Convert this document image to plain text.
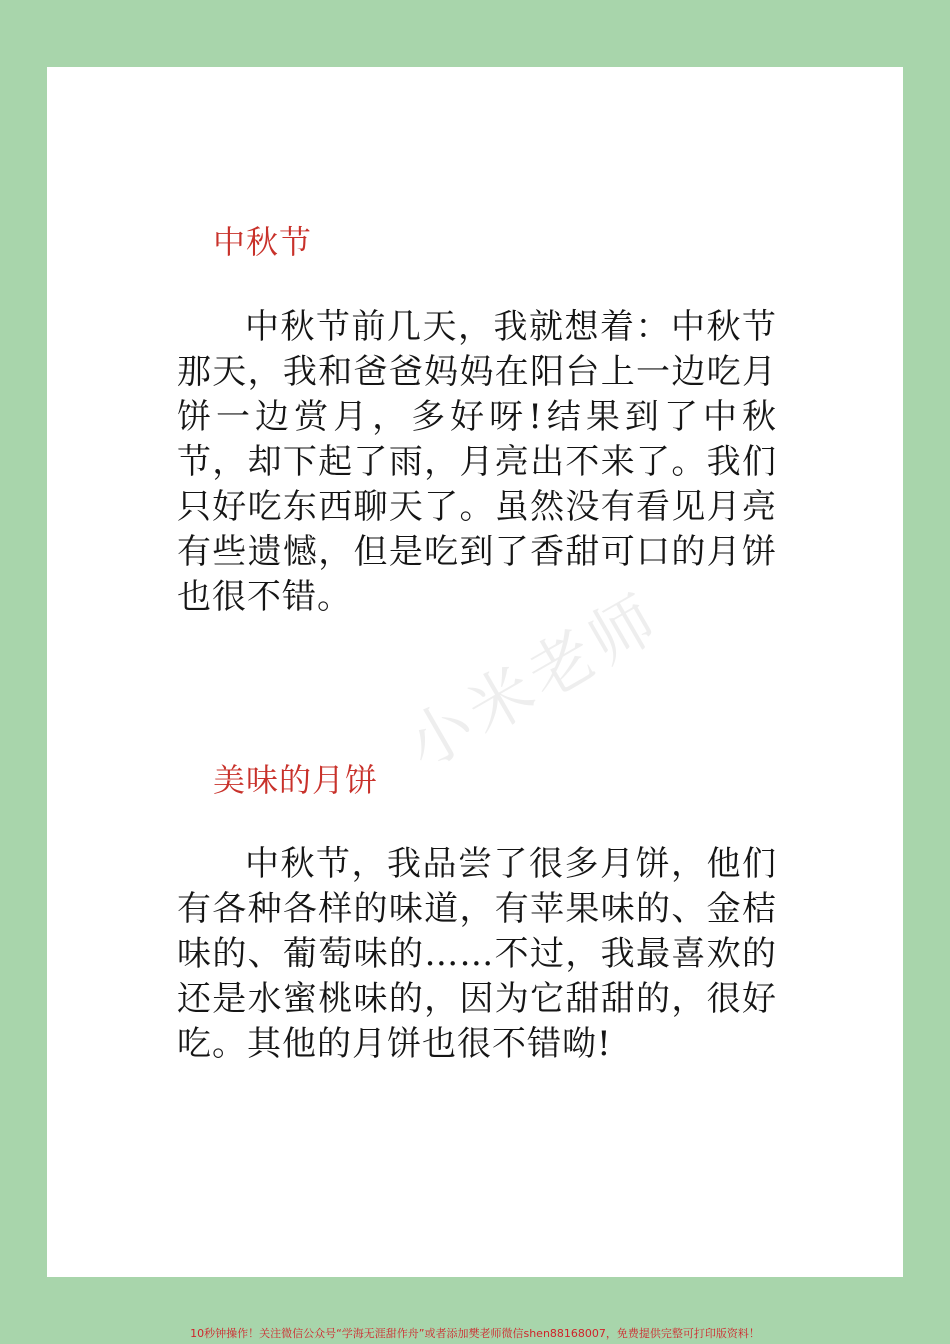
中秋节

中秋节前几天，我就想着：中秋节那天，我和爸爸妈妈在阳台上一边吃月饼一边赏月，多好呀!结果到了中秋节，却下起了雨，月亮出不来了。我们只好吃东西聊天了。虽然没有看见月亮有些遗憾，但是吃到了香甜可口的月饼也很不错。 小米老师
美味的月饼

中秋节，我品尝了很多月饼，他们有各种各样的味道，有苹果味的、金桔味的、葡萄味的……不过，我最喜欢的还是水蜜桃味的，因为它甜甜的，很好吃。其他的月饼也很不错呦!

10秒钟操作！关注微信公众号“学海无涯甜作舟”或者添加樊老师微信shen88168007，免费提供完整可打印版资料！
